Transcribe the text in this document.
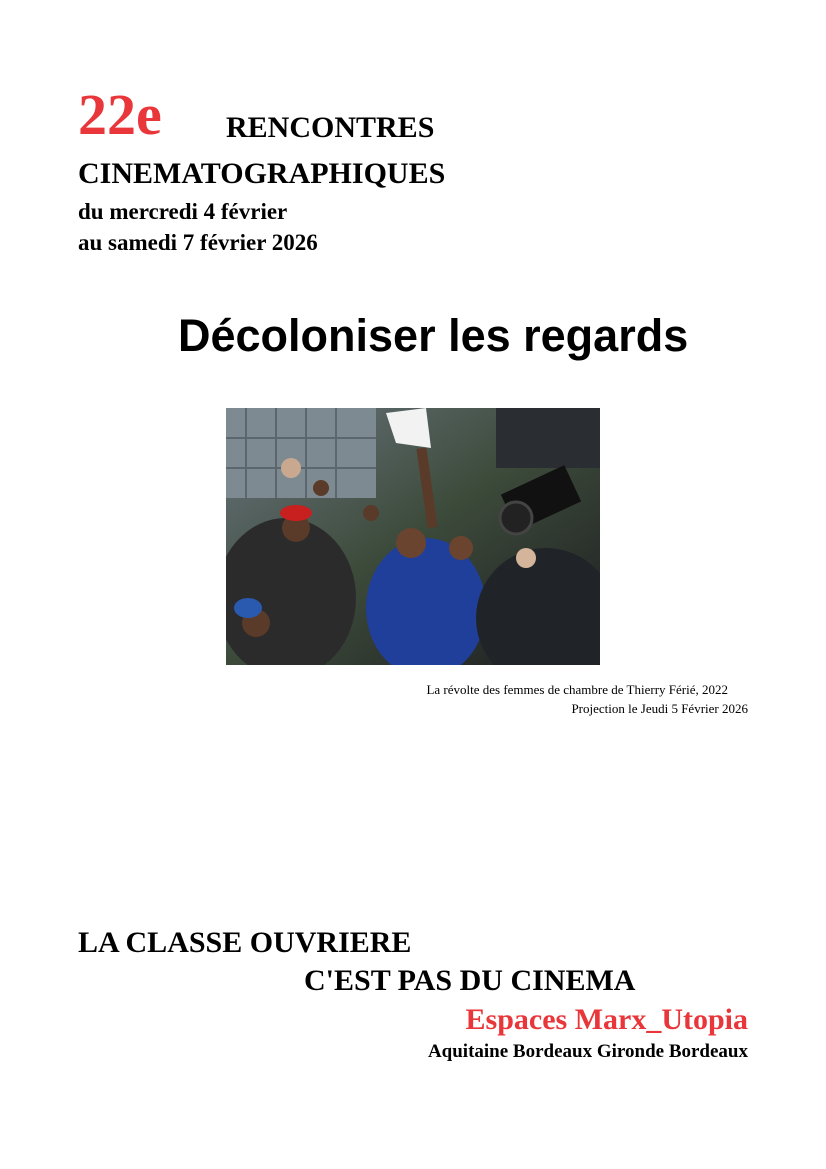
22e RENCONTRES
CINEMATOGRAPHIQUES
du mercredi 4 février
au samedi 7 février 2026
Décoloniser les regards
La révolte des femmes de chambre de Thierry Férié, 2022
Projection le Jeudi 5 Février 2026
LA CLASSE OUVRIERE
C'EST PAS DU CINEMA
Espaces Marx_Utopia
Aquitaine Bordeaux Gironde Bordeaux
